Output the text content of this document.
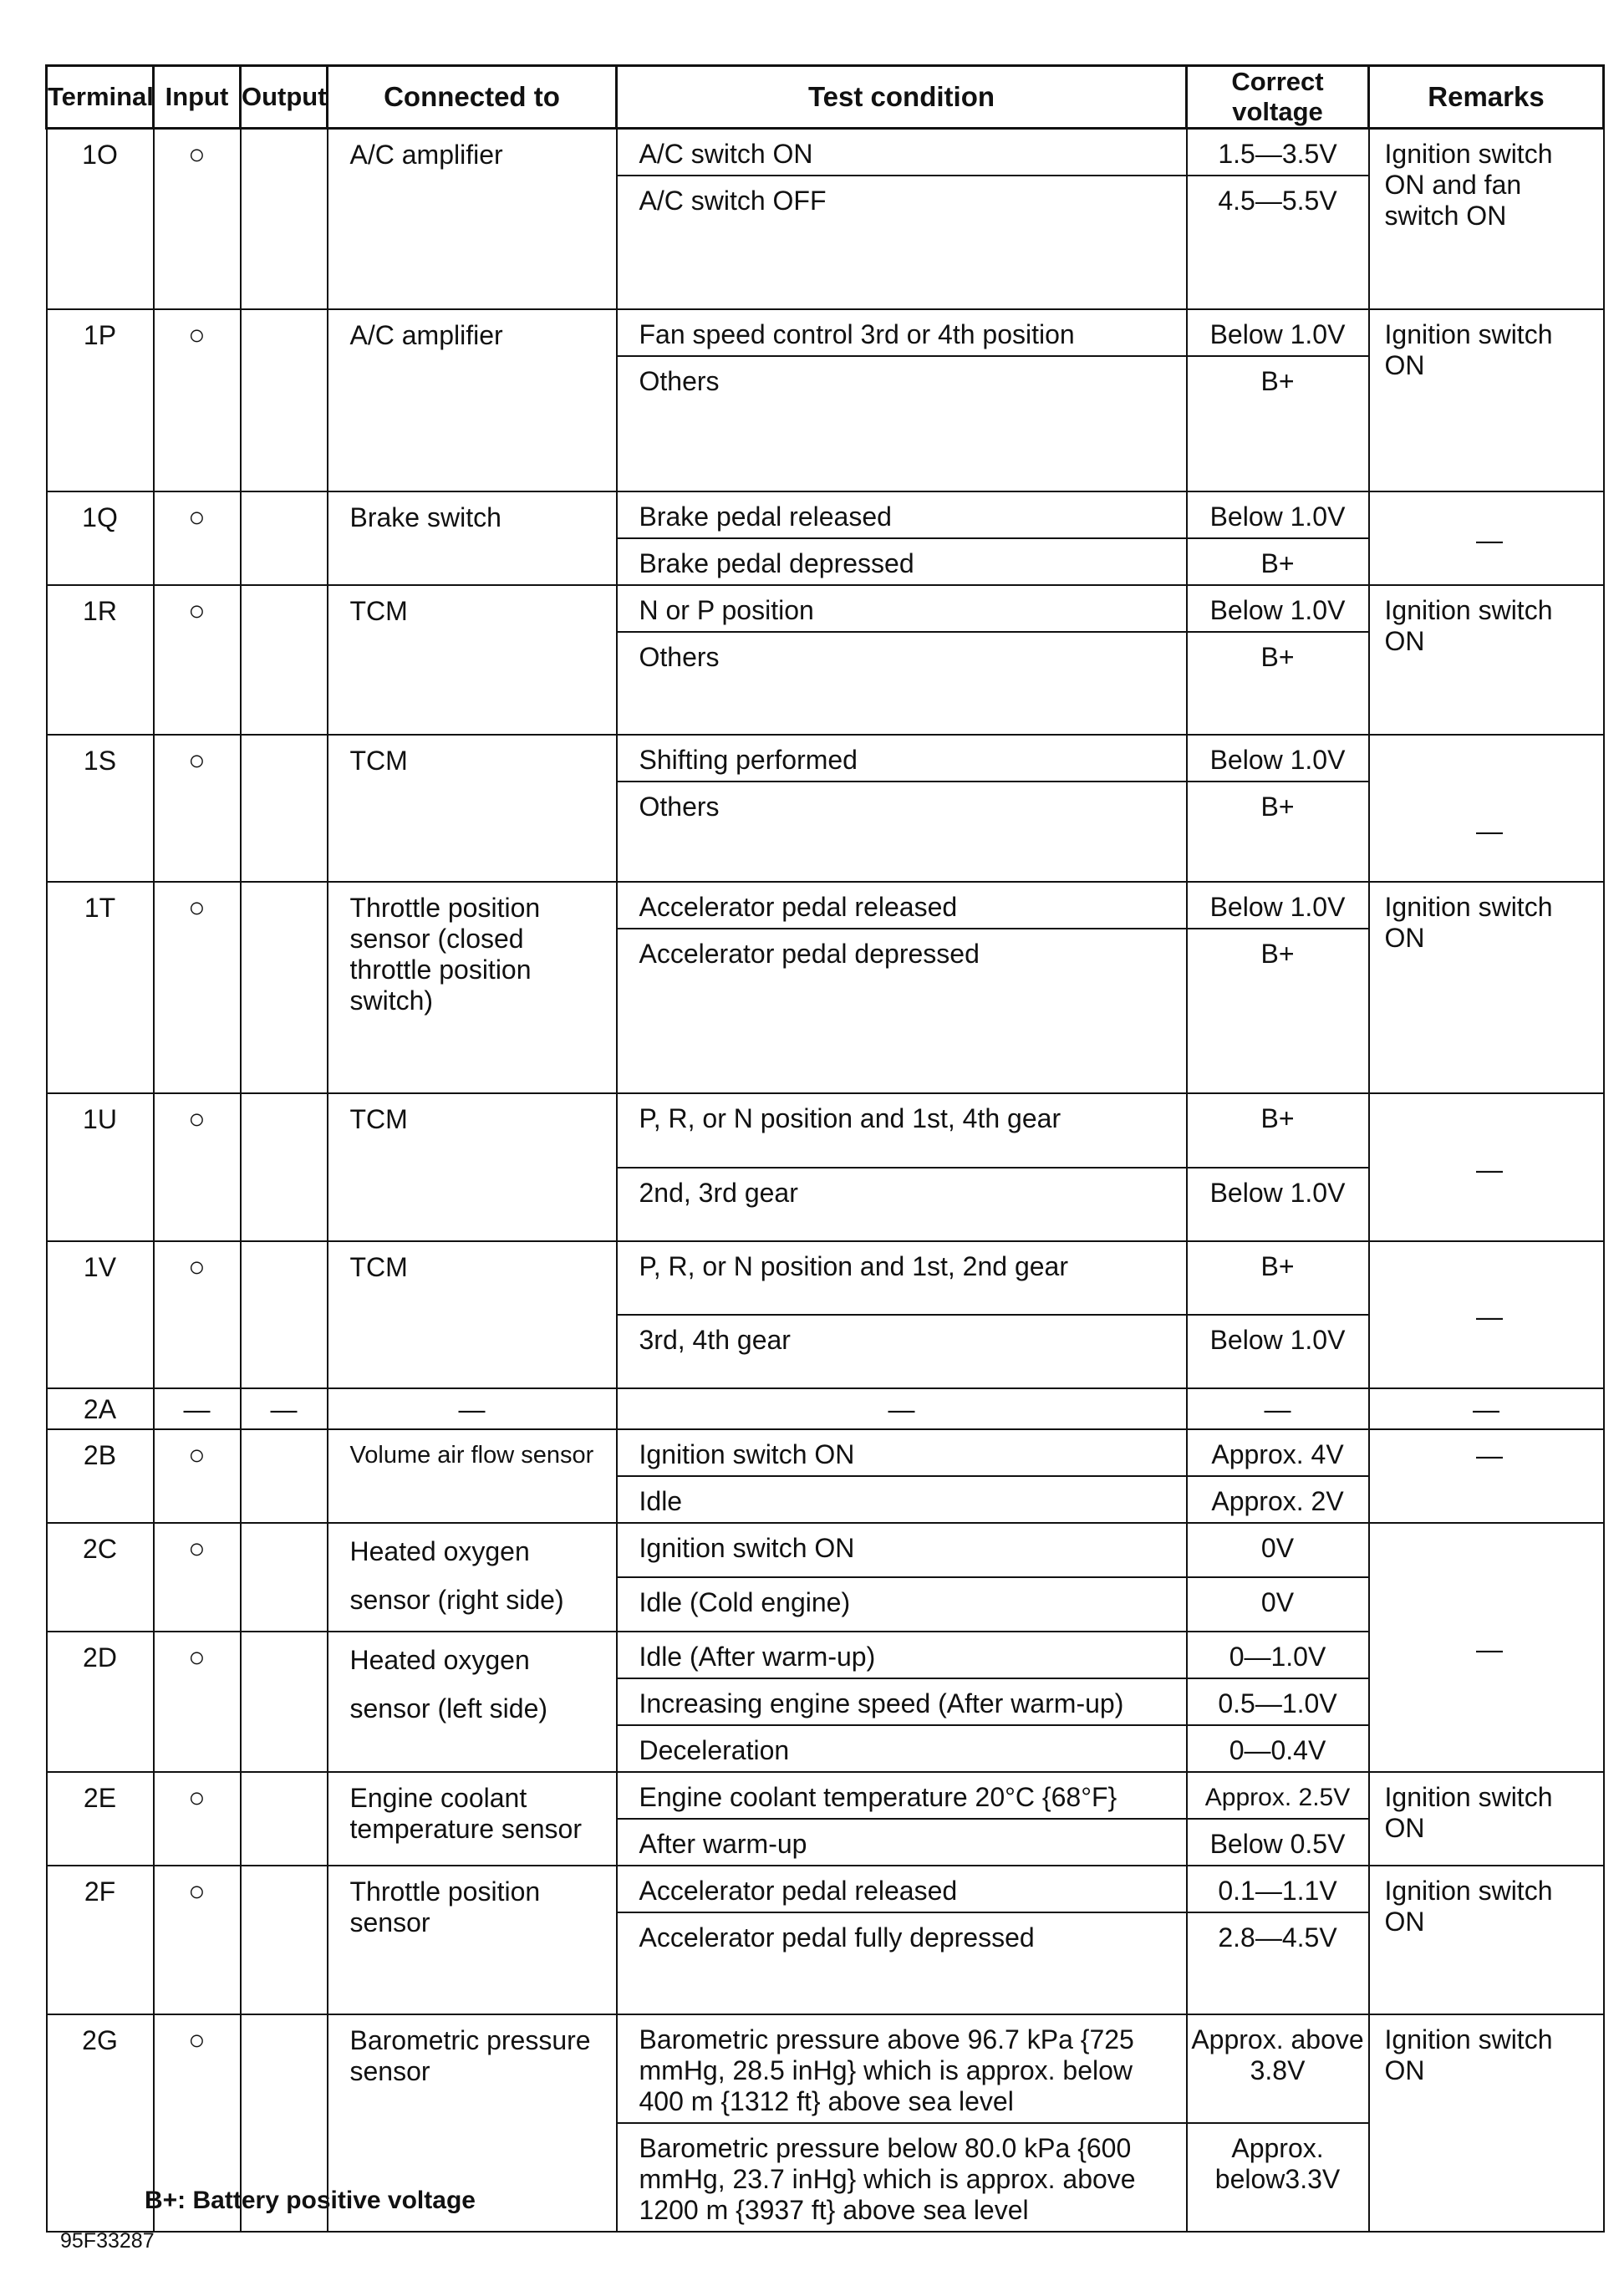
Terminal	Input	Output	Connected to	Test condition	Correct voltage	Remarks
1O	○		A/C amplifier	A/C switch ON	1.5—3.5V	Ignition switch ON and fan switch ON
				A/C switch OFF	4.5—5.5V	
1P	○		A/C amplifier	Fan speed control 3rd or 4th position	Below 1.0V	Ignition switch ON
				Others	B+	
1Q	○		Brake switch	Brake pedal released	Below 1.0V	—
				Brake pedal depressed	B+	
1R	○		TCM	N or P position	Below 1.0V	Ignition switch ON
				Others	B+	
1S	○		TCM	Shifting performed	Below 1.0V	—
				Others	B+	
1T	○		Throttle position sensor (closed throttle position switch)	Accelerator pedal released	Below 1.0V	Ignition switch ON
				Accelerator pedal depressed	B+	
1U	○		TCM	P, R, or N position and 1st, 4th gear	B+	—
				2nd, 3rd gear	Below 1.0V	
1V	○		TCM	P, R, or N position and 1st, 2nd gear	B+	—
				3rd, 4th gear	Below 1.0V	
2A	—	—	—	—	—	—
2B	○		Volume air flow sensor	Ignition switch ON	Approx. 4V	—
				Idle	Approx. 2V	
2C	○		Heated oxygen sensor (right side)	Ignition switch ON	0V	—
				Idle (Cold engine)	0V	
2D	○		Heated oxygen sensor (left side)	Idle (After warm-up)	0—1.0V	
				Increasing engine speed (After warm-up)	0.5—1.0V	
				Deceleration	0—0.4V	
2E	○		Engine coolant temperature sensor	Engine coolant temperature 20°C {68°F}	Approx. 2.5V	Ignition switch ON
				After warm-up	Below 0.5V	
2F	○		Throttle position sensor	Accelerator pedal released	0.1—1.1V	Ignition switch ON
				Accelerator pedal fully depressed	2.8—4.5V	
2G	○		Barometric pressure sensor	Barometric pressure above 96.7 kPa {725 mmHg, 28.5 inHg} which is approx. below 400 m {1312 ft} above sea level	Approx. above 3.8V	Ignition switch ON
				Barometric pressure below 80.0 kPa {600 mmHg, 23.7 inHg} which is approx. above 1200 m {3937 ft} above sea level	Approx. below3.3V	
B+: Battery positive voltage
95F33287
